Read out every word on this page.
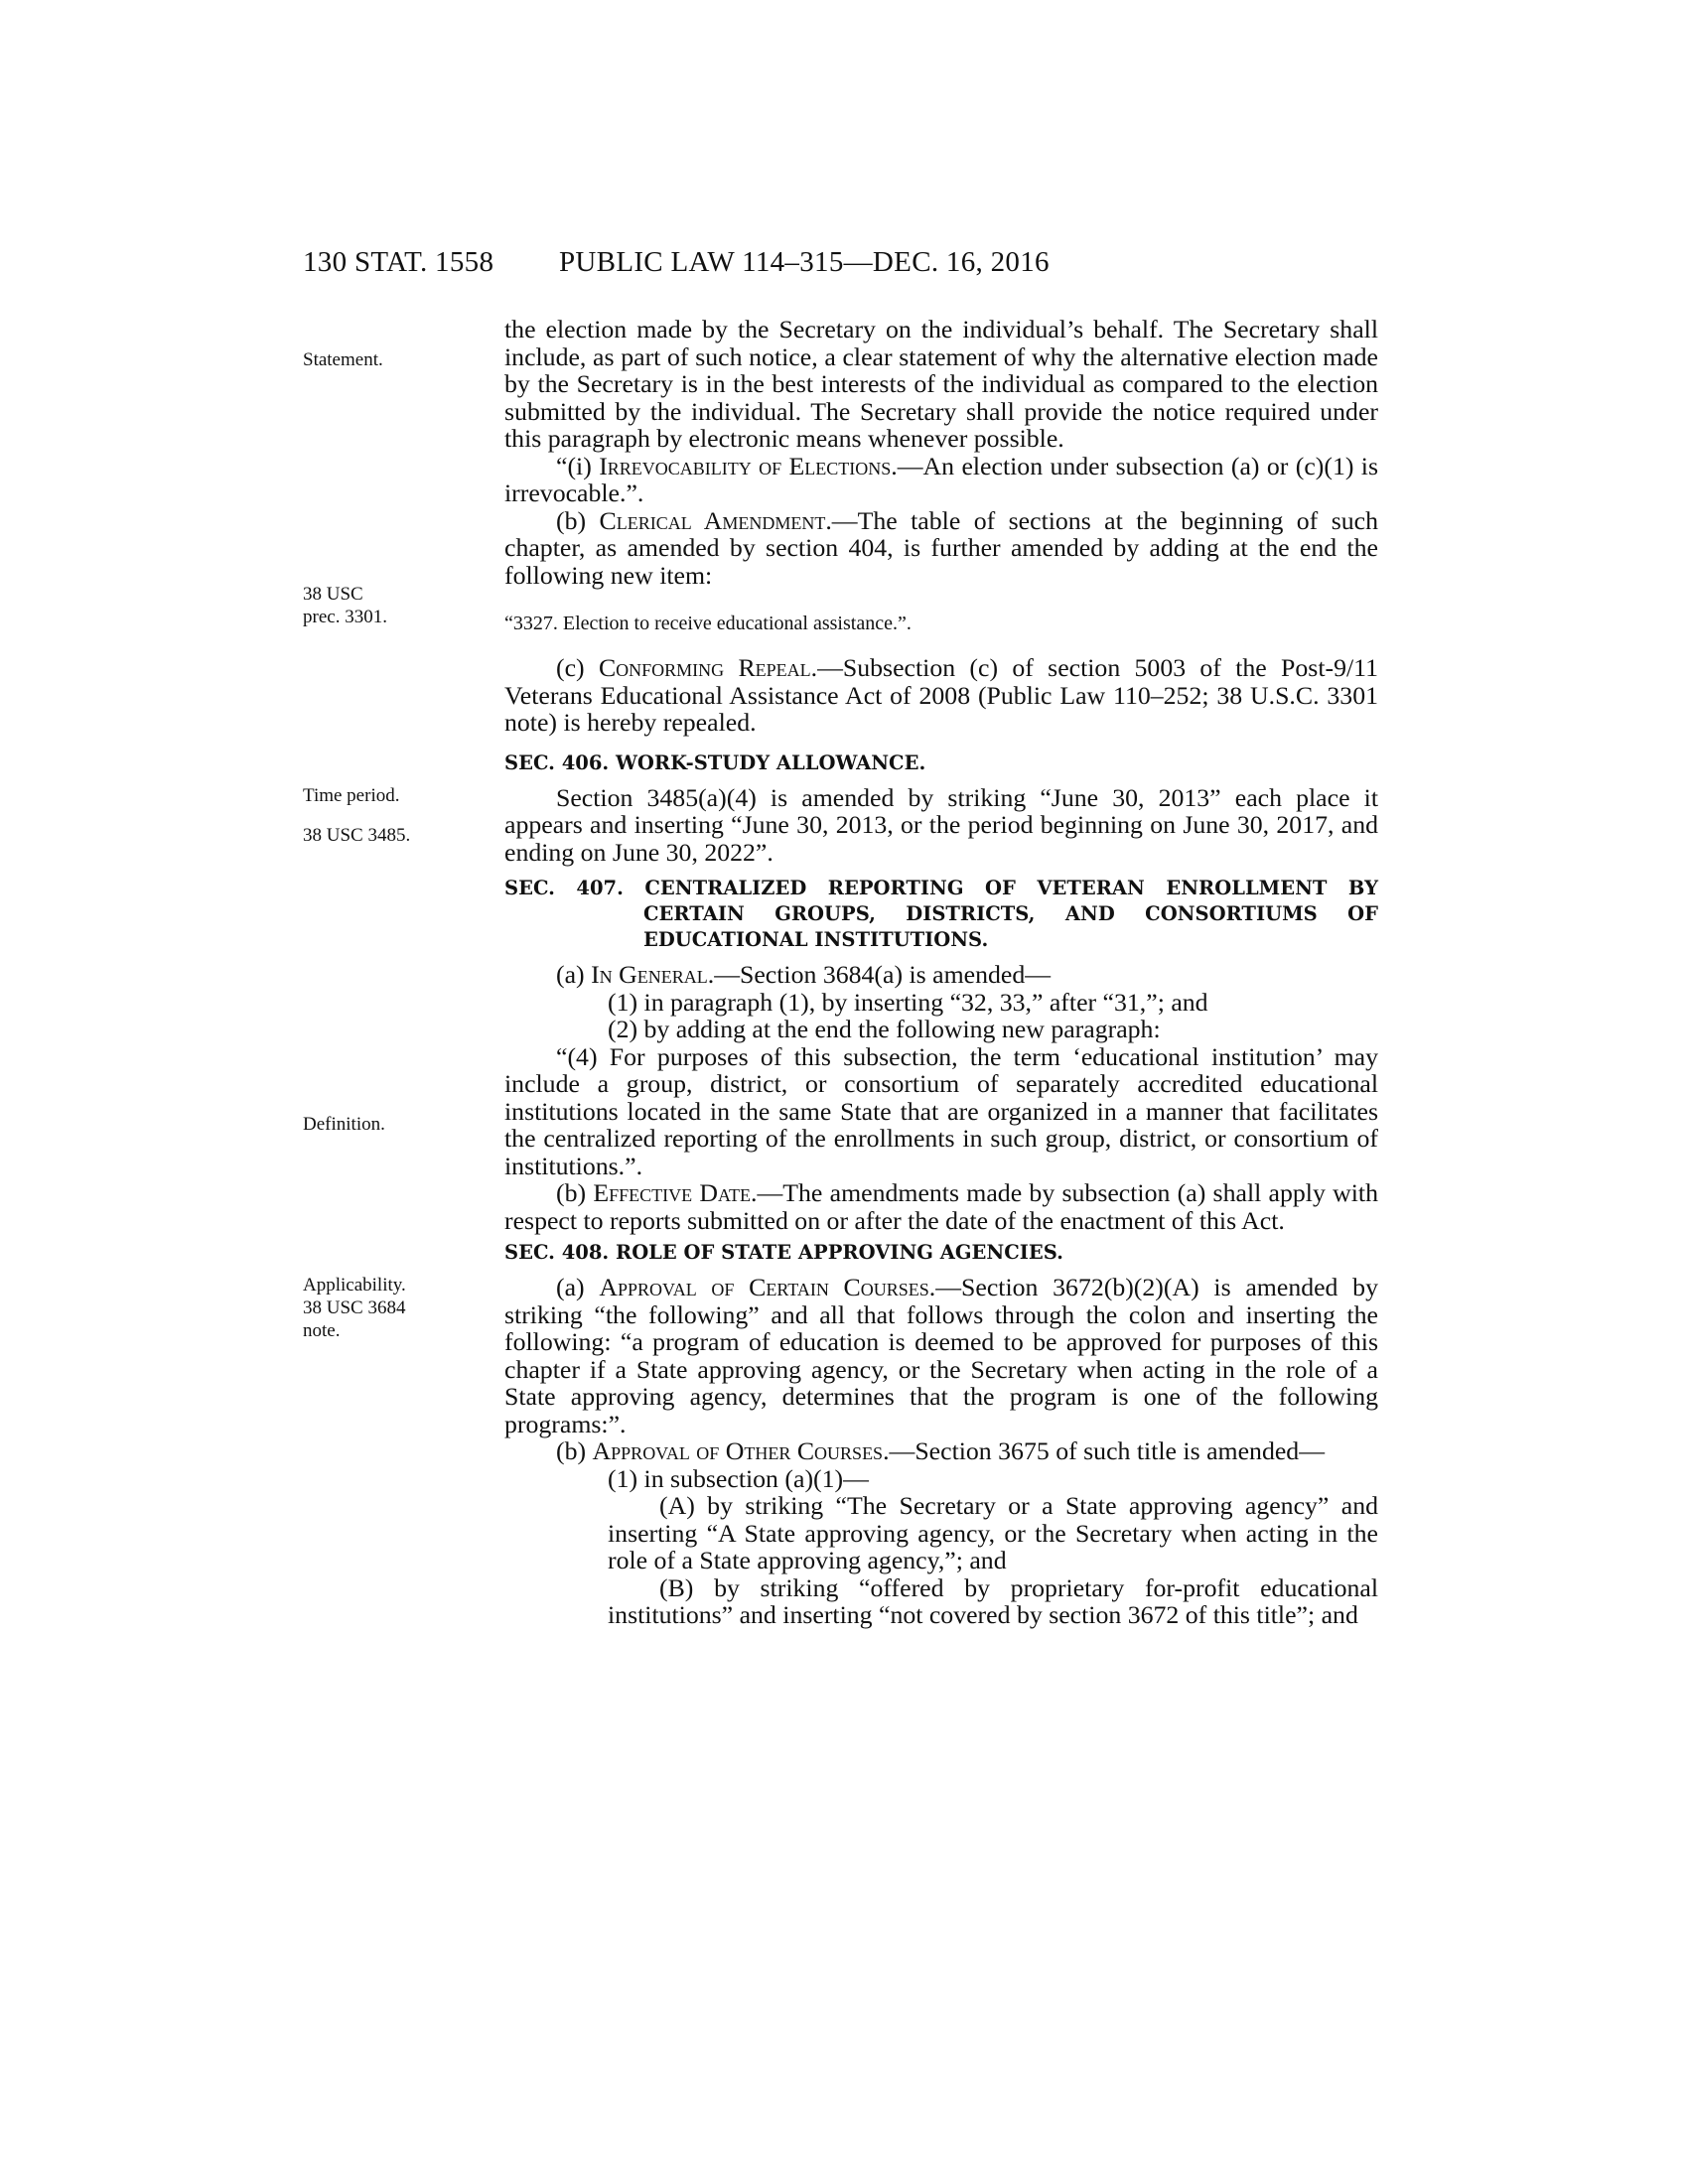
130 STAT. 1558 PUBLIC LAW 114–315—DEC. 16, 2016
Statement.
38 USC
prec. 3301.
Time period.
38 USC 3485.
Definition.
Applicability.
38 USC 3684
note.

the election made by the Secretary on the individual’s behalf. The Secretary shall include, as part of such notice, a clear statement of why the alternative election made by the Secretary is in the best interests of the individual as compared to the election submitted by the individual. The Secretary shall provide the notice required under this paragraph by electronic means whenever possible.

“(i) Irrevocability of Elections.—An election under subsection (a) or (c)(1) is irrevocable.”.

(b) Clerical Amendment.—The table of sections at the beginning of such chapter, as amended by section 404, is further amended by adding at the end the following new item:

“3327. Election to receive educational assistance.”.

(c) Conforming Repeal.—Subsection (c) of section 5003 of the Post-9/11 Veterans Educational Assistance Act of 2008 (Public Law 110–252; 38 U.S.C. 3301 note) is hereby repealed.

SEC. 406. WORK-STUDY ALLOWANCE.

Section 3485(a)(4) is amended by striking “June 30, 2013” each place it appears and inserting “June 30, 2013, or the period beginning on June 30, 2017, and ending on June 30, 2022”.

SEC. 407. CENTRALIZED REPORTING OF VETERAN ENROLLMENT BY CERTAIN GROUPS, DISTRICTS, AND CONSORTIUMS OF EDUCATIONAL INSTITUTIONS.

(a) In General.—Section 3684(a) is amended—

(1) in paragraph (1), by inserting “32, 33,” after “31,”; and

(2) by adding at the end the following new paragraph:

“(4) For purposes of this subsection, the term ‘educational institution’ may include a group, district, or consortium of separately accredited educational institutions located in the same State that are organized in a manner that facilitates the centralized reporting of the enrollments in such group, district, or consortium of institutions.”.

(b) Effective Date.—The amendments made by subsection (a) shall apply with respect to reports submitted on or after the date of the enactment of this Act.

SEC. 408. ROLE OF STATE APPROVING AGENCIES.

(a) Approval of Certain Courses.—Section 3672(b)(2)(A) is amended by striking “the following” and all that follows through the colon and inserting the following: “a program of education is deemed to be approved for purposes of this chapter if a State approving agency, or the Secretary when acting in the role of a State approving agency, determines that the program is one of the following programs:”.

(b) Approval of Other Courses.—Section 3675 of such title is amended—

(1) in subsection (a)(1)—

(A) by striking “The Secretary or a State approving agency” and inserting “A State approving agency, or the Secretary when acting in the role of a State approving agency,”; and

(B) by striking “offered by proprietary for-profit educational institutions” and inserting “not covered by section 3672 of this title”; and
